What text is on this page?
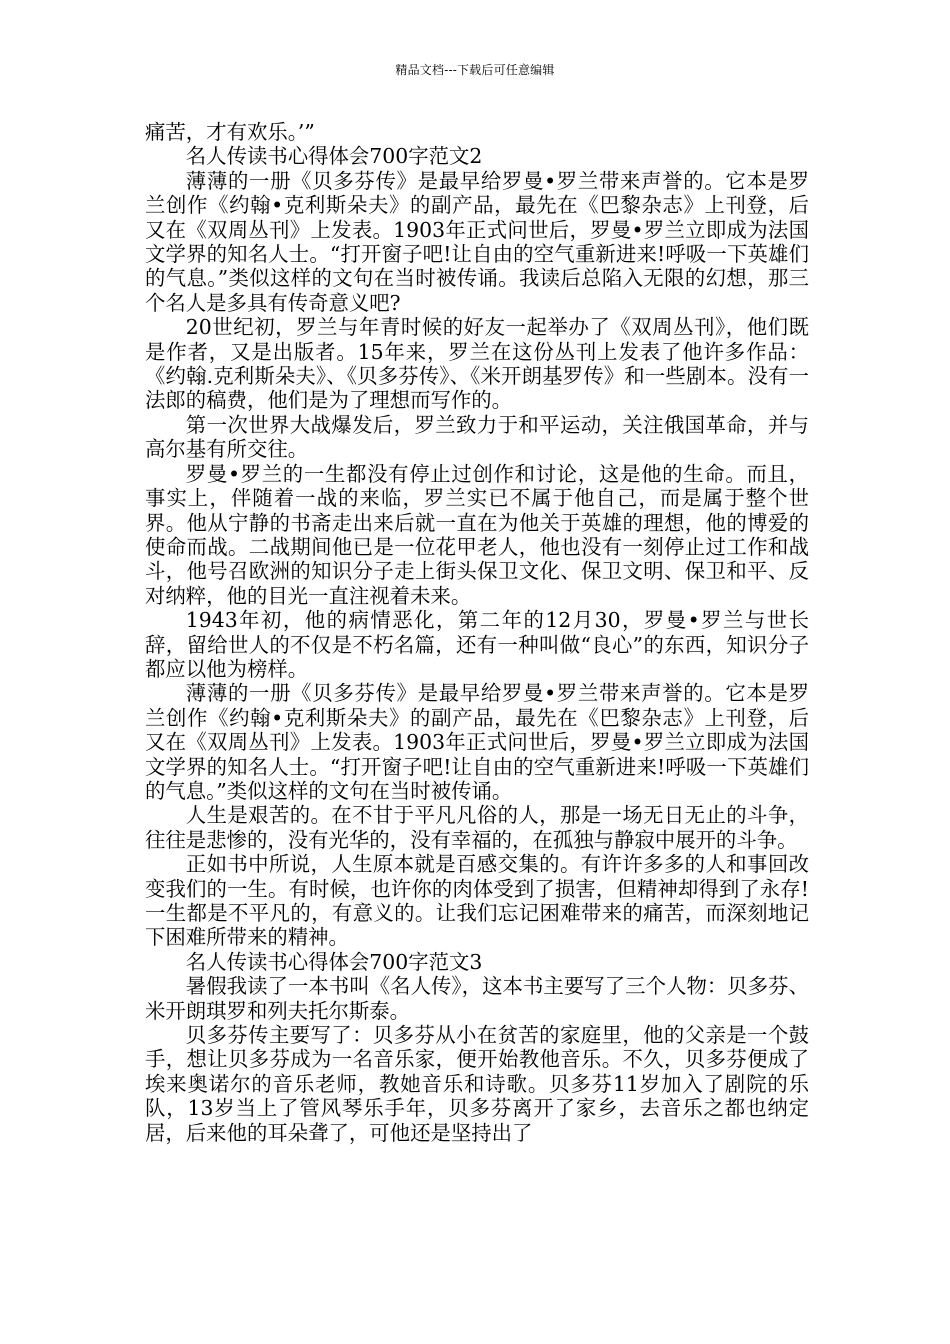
精品文档---下载后可任意编辑

痛苦，才有欢乐。’”

名人传读书心得体会700字范文2

薄薄的一册《贝多芬传》是最早给罗曼•罗兰带来声誉的。它本是罗兰创作《约翰•克利斯朵夫》的副产品，最先在《巴黎杂志》上刊登，后又在《双周丛刊》上发表。1903年正式问世后，罗曼•罗兰立即成为法国文学界的知名人士。“打开窗子吧!让自由的空气重新进来!呼吸一下英雄们的气息。”类似这样的文句在当时被传诵。我读后总陷入无限的幻想，那三个名人是多具有传奇意义吧?

20世纪初，罗兰与年青时候的好友一起举办了《双周丛刊》，他们既是作者，又是出版者。15年来，罗兰在这份丛刊上发表了他许多作品：《约翰.克利斯朵夫》、《贝多芬传》、《米开朗基罗传》和一些剧本。没有一法郎的稿费，他们是为了理想而写作的。

第一次世界大战爆发后，罗兰致力于和平运动，关注俄国革命，并与高尔基有所交往。

罗曼•罗兰的一生都没有停止过创作和讨论，这是他的生命。而且，事实上，伴随着一战的来临，罗兰实已不属于他自己，而是属于整个世界。他从宁静的书斋走出来后就一直在为他关于英雄的理想，他的博爱的使命而战。二战期间他已是一位花甲老人，他也没有一刻停止过工作和战斗，他号召欧洲的知识分子走上街头保卫文化、保卫文明、保卫和平、反对纳粹，他的目光一直注视着未来。

1943年初，他的病情恶化，第二年的12月30，罗曼•罗兰与世长辞，留给世人的不仅是不朽名篇，还有一种叫做“良心”的东西，知识分子都应以他为榜样。

薄薄的一册《贝多芬传》是最早给罗曼•罗兰带来声誉的。它本是罗兰创作《约翰•克利斯朵夫》的副产品，最先在《巴黎杂志》上刊登，后又在《双周丛刊》上发表。1903年正式问世后，罗曼•罗兰立即成为法国文学界的知名人士。“打开窗子吧!让自由的空气重新进来!呼吸一下英雄们的气息。”类似这样的文句在当时被传诵。

人生是艰苦的。在不甘于平凡凡俗的人，那是一场无日无止的斗争，往往是悲惨的，没有光华的，没有幸福的，在孤独与静寂中展开的斗争。

正如书中所说，人生原本就是百感交集的。有许许多多的人和事回改变我们的一生。有时候，也许你的肉体受到了损害，但精神却得到了永存!一生都是不平凡的，有意义的。让我们忘记困难带来的痛苦，而深刻地记下困难所带来的精神。

名人传读书心得体会700字范文3

暑假我读了一本书叫《名人传》，这本书主要写了三个人物：贝多芬、米开朗琪罗和列夫托尔斯泰。

贝多芬传主要写了：贝多芬从小在贫苦的家庭里，他的父亲是一个鼓手，想让贝多芬成为一名音乐家，便开始教他音乐。不久，贝多芬便成了埃来奥诺尔的音乐老师，教她音乐和诗歌。贝多芬11岁加入了剧院的乐队，13岁当上了管风琴乐手年，贝多芬离开了家乡，去音乐之都也纳定居，后来他的耳朵聋了，可他还是坚持出了
